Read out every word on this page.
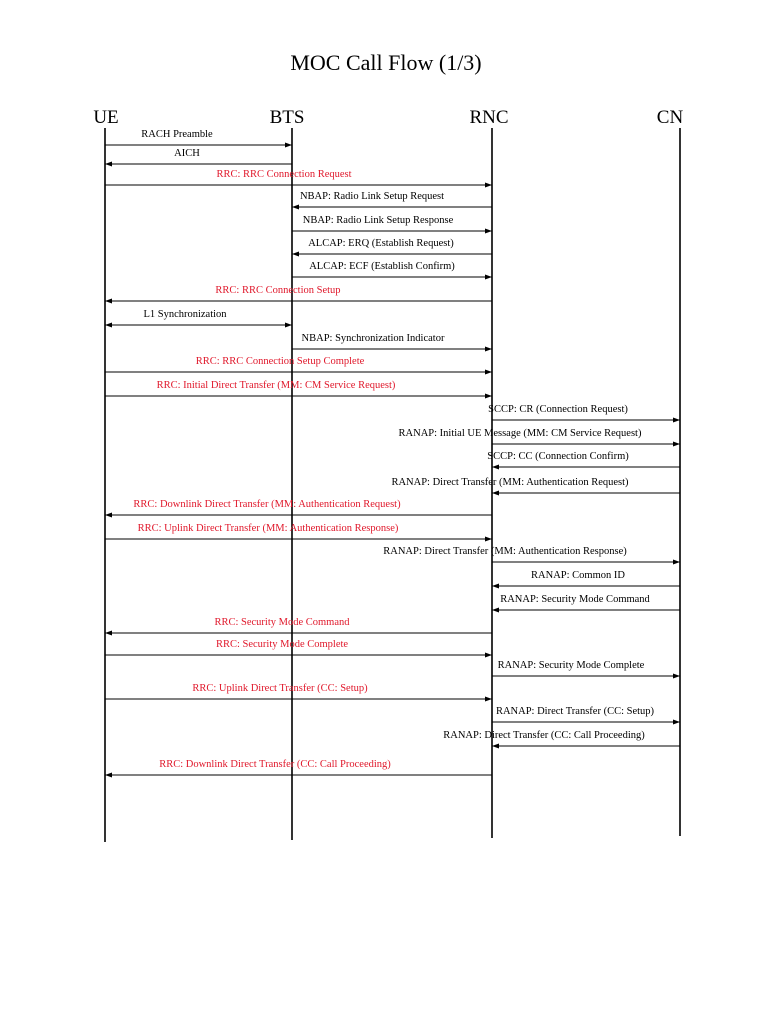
MOC Call Flow (1/3)
UE	BTS	RNC	CN
RACH Preamble
AICH
RRC: RRC Connection Request
NBAP: Radio Link Setup Request
NBAP: Radio Link Setup Response
ALCAP: ERQ (Establish Request)
ALCAP: ECF (Establish Confirm)
RRC: RRC Connection Setup
L1 Synchronization
NBAP: Synchronization Indicator
RRC: RRC Connection Setup Complete
RRC: Initial Direct Transfer (MM: CM Service Request)
SCCP: CR (Connection Request)
RANAP: Initial UE Message (MM: CM Service Request)
SCCP: CC (Connection Confirm)
RANAP: Direct Transfer (MM: Authentication Request)
RRC: Downlink Direct Transfer (MM: Authentication Request)
RRC: Uplink Direct Transfer (MM: Authentication Response)
RANAP: Direct Transfer (MM: Authentication Response)
RANAP: Common ID
RANAP: Security Mode Command
RRC: Security Mode Command
RRC: Security Mode Complete
RANAP: Security Mode Complete
RRC: Uplink Direct Transfer (CC: Setup)
RANAP: Direct Transfer (CC: Setup)
RANAP: Direct Transfer (CC: Call Proceeding)
RRC: Downlink Direct Transfer (CC: Call Proceeding)
